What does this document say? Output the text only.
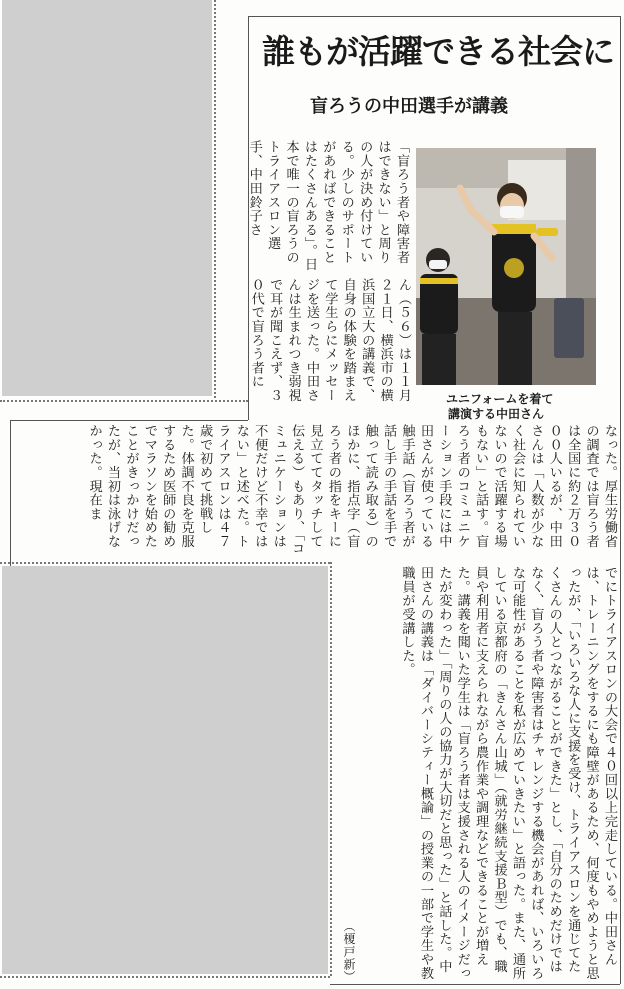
誰もが活躍できる社会に
盲ろうの中田選手が講義
「盲ろう者や障害者はできない」と周りの人が決め付けている。少しのサポートがあればできることはたくさんある」。日本で唯一の盲ろうのトライアスロン選手、中田鈴子さ
ユニフォームを着て
講演する中田さん
なった。厚生労働省の調査では盲ろう者は全国に約２万３０００人いるが、中田さんは「人数が少なく社会に知られていないので活躍する場もない」と話す。盲ろう者のコミュニケーション手段には中田さんが使っている触手話（盲ろう者が話し手の手話を手で触って読み取る）のほかに、指点字（盲ろう者の指をキーに見立ててタッチして伝える）もあり、「コミュニケーションは不便だけど不幸ではない」と述べた。トライアスロンは４７歳で初めて挑戦した。体調不良を克服するため医師の勧めでマラソンを始めたことがきっかけだったが、当初は泳げなかった。現在ま
でにトライアスロンの大会で４０回以上完走している。中田さんは、トレーニングをするにも障壁があるため、何度もやめようと思ったが、「いろいろな人に支援を受け、トライアスロンを通じてたくさんの人とつながることができた」とし、「自分のためだけではなく、盲ろう者や障害者はチャレンジする機会があれば、いろいろな可能性があることを私が広めていきたい」と語った。また、通所している京都府の「きんさん山城」（就労継続支援Ｂ型）でも、職員や利用者に支えられながら農作業や調理などできることが増えた。講義を聞いた学生は「盲ろう者は支援される人のイメージだったが変わった」「周りの人の協力が大切だと思った」と話した。中田さんの講義は「ダイバーシティー概論」の授業の一部で学生や教職員が受講した。
（榎戸新）
ん（５６）は１１月２１日、横浜市の横浜国立大の講義で、自身の体験を踏まえて学生らにメッセージを送った。中田さんは生まれつき弱視で耳が聞こえず、３０代で盲ろう者に
